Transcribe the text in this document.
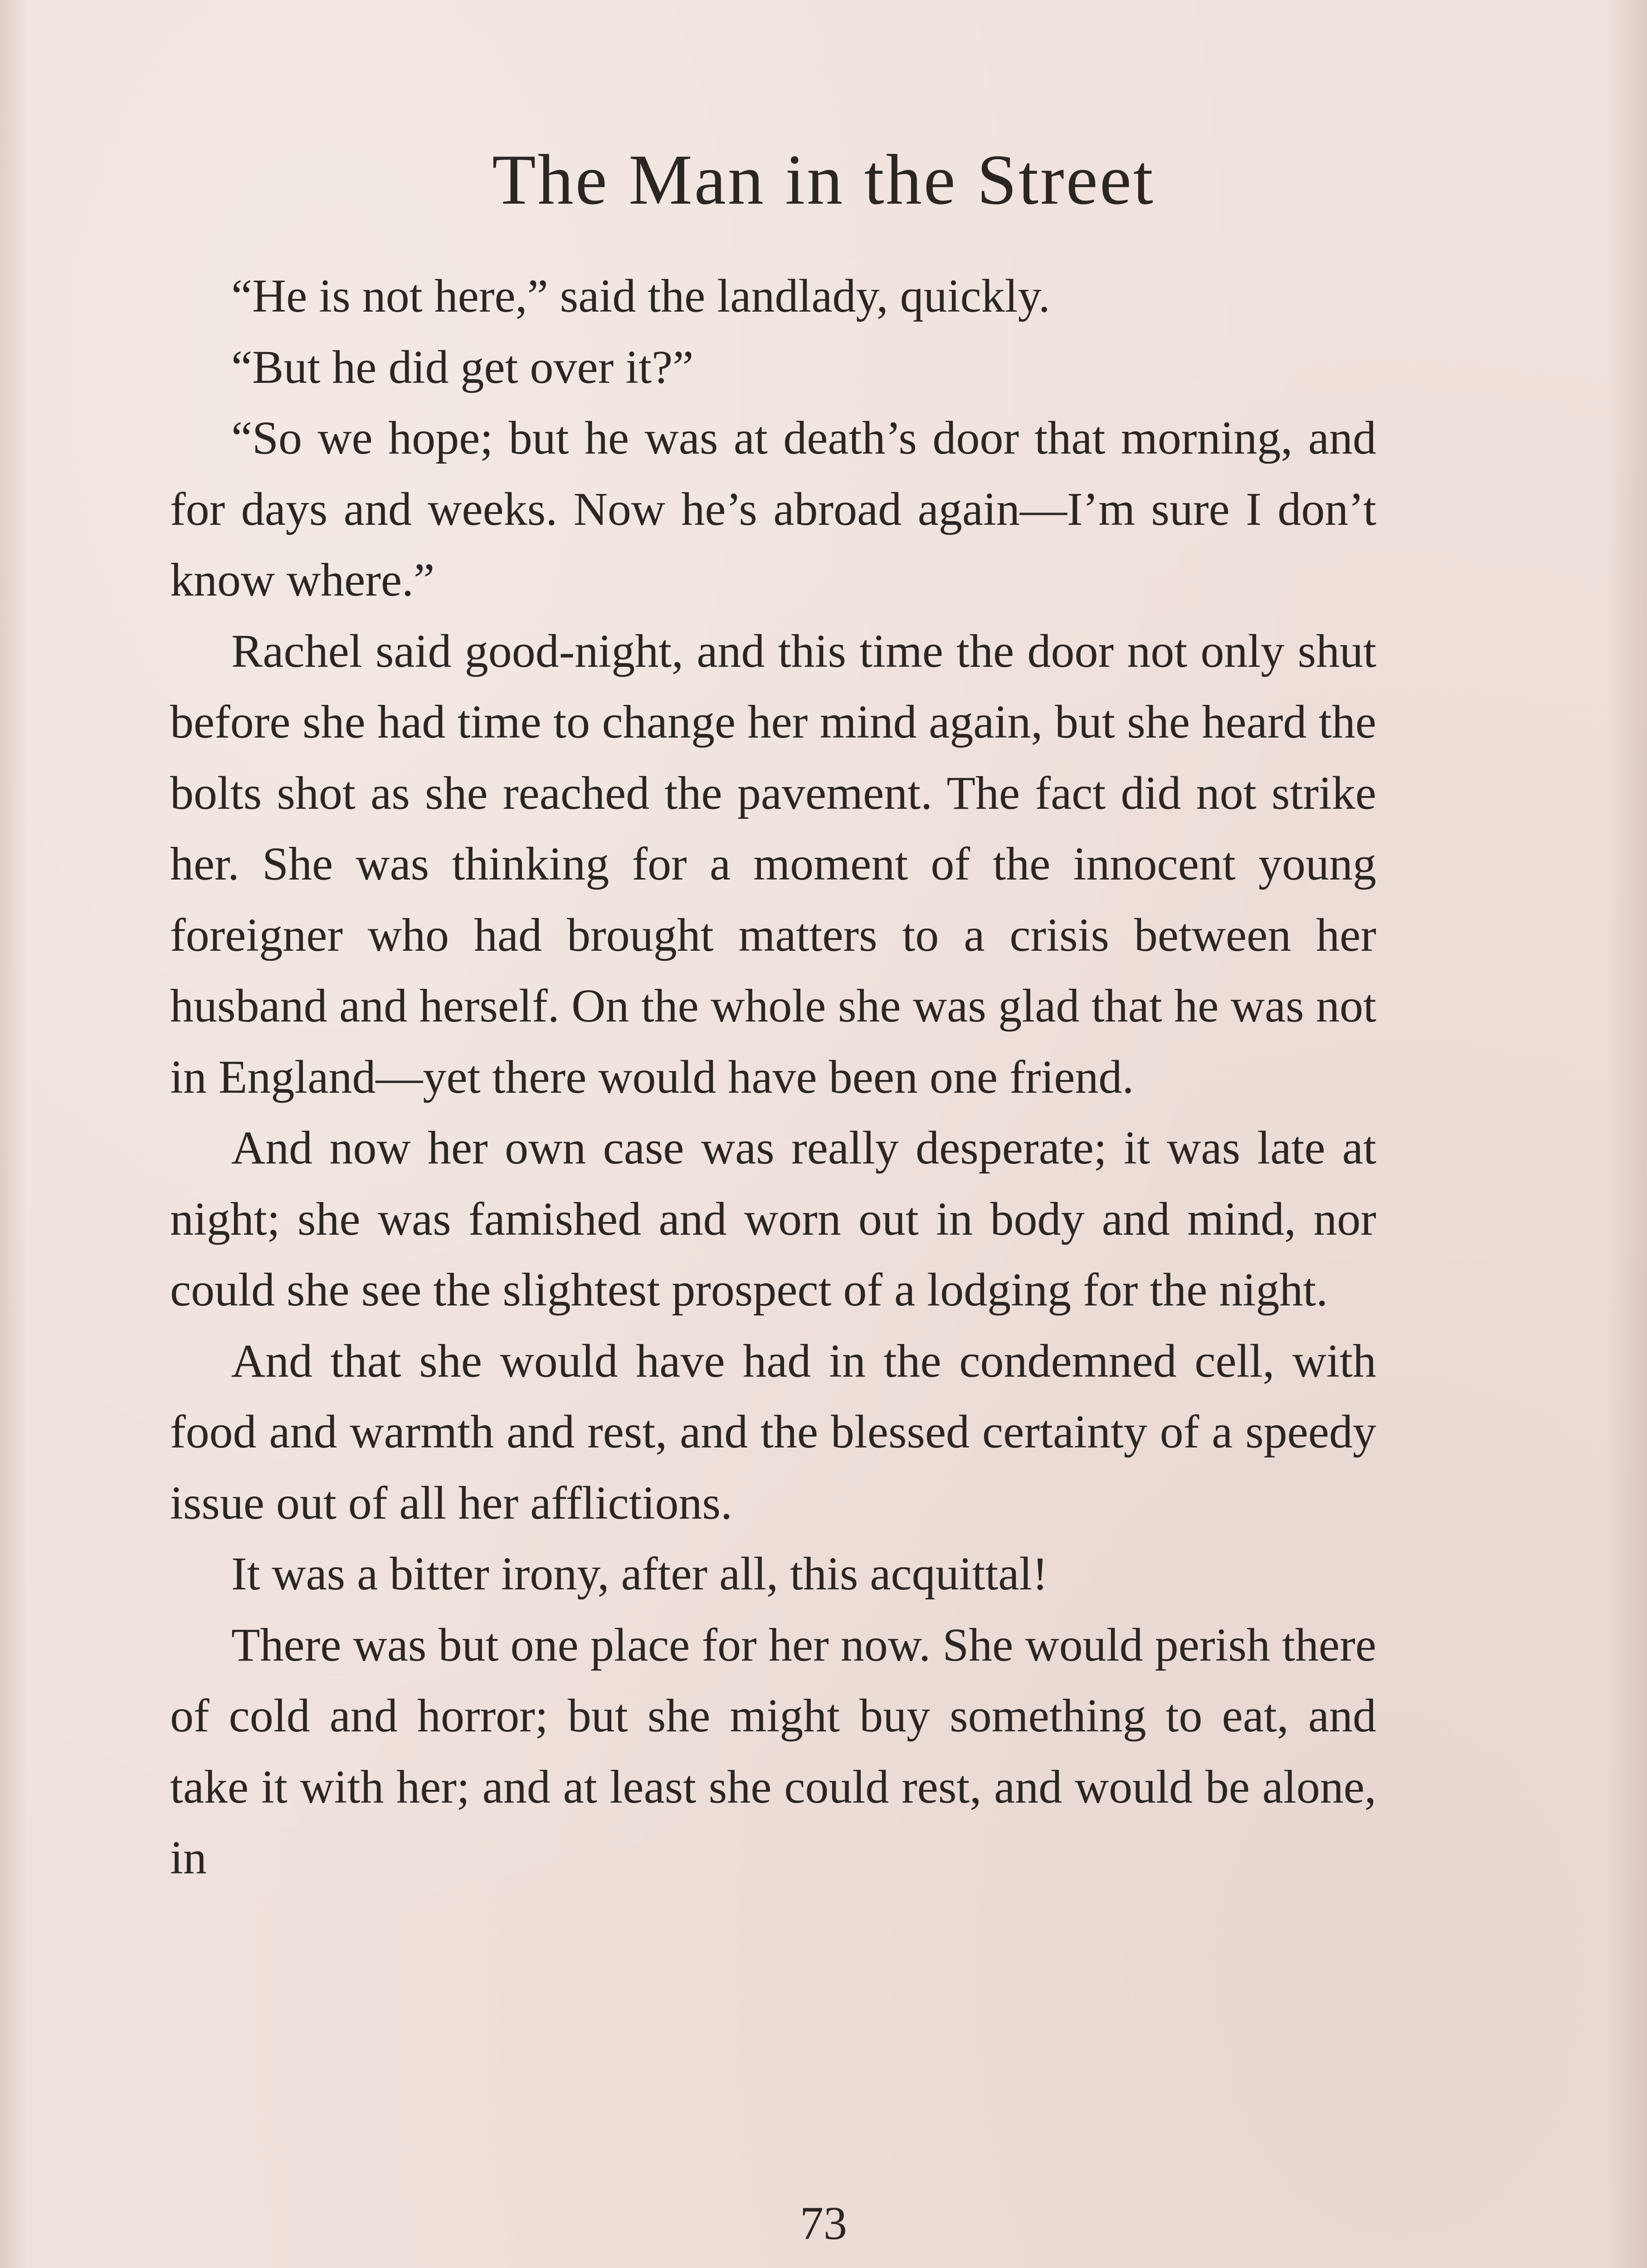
The Man in the Street

“He is not here,” said the landlady, quickly.

“But he did get over it?”

“So we hope; but he was at death’s door that morning, and for days and weeks. Now he’s abroad again—I’m sure I don’t know where.”

Rachel said good-night, and this time the door not only shut before she had time to change her mind again, but she heard the bolts shot as she reached the pavement. The fact did not strike her. She was thinking for a moment of the innocent young foreigner who had brought matters to a crisis between her husband and herself. On the whole she was glad that he was not in England—yet there would have been one friend.

And now her own case was really desperate; it was late at night; she was famished and worn out in body and mind, nor could she see the slightest prospect of a lodging for the night.

And that she would have had in the condemned cell, with food and warmth and rest, and the blessed certainty of a speedy issue out of all her afflictions.

It was a bitter irony, after all, this acquittal!

There was but one place for her now. She would perish there of cold and horror; but she might buy something to eat, and take it with her; and at least she could rest, and would be alone, in

73
